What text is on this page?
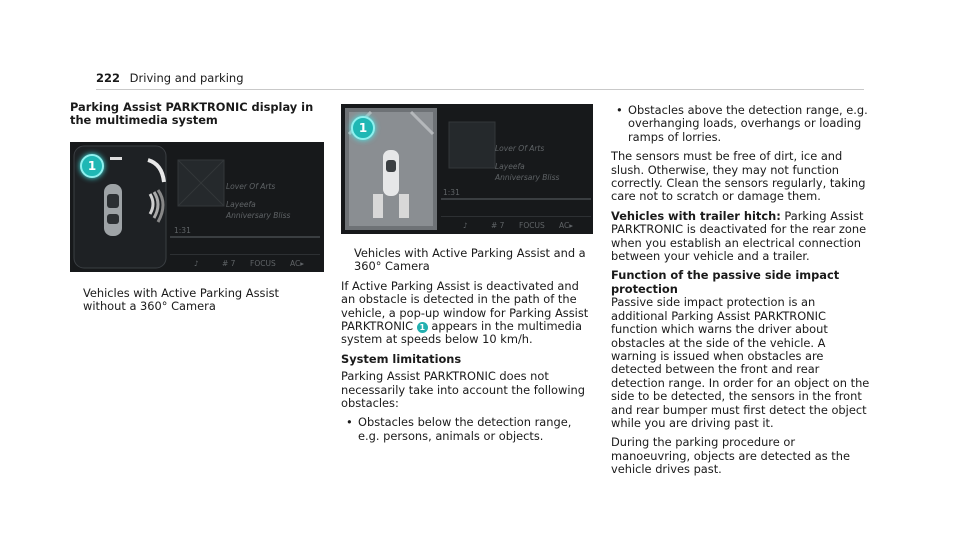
222 Driving and parking

Parking Assist PARKTRONIC display in the multimedia system

1
Lover Of Arts
Layeefa
Anniversary Bliss
1:31
♪	# 7 FOCUS AC▸

Vehicles with Active Parking Assist without a 360° Camera

1
Lover Of Arts
Layeefa
Anniversary Bliss
1:31
♪	# 7 FOCUS AC▸

Vehicles with Active Parking Assist and a 360° Camera

If Active Parking Assist is deactivated and an obstacle is detected in the path of the vehicle, a pop-up window for Parking Assist PARKTRONIC 1 appears in the multimedia system at speeds below 10 km/h.

System limitations

Parking Assist PARKTRONIC does not necessarily take into account the following obstacles:

• Obstacles below the detection range, e.g. persons, animals or objects.
• Obstacles above the detection range, e.g. overhanging loads, overhangs or loading ramps of lorries.

The sensors must be free of dirt, ice and slush. Otherwise, they may not function correctly. Clean the sensors regularly, taking care not to scratch or damage them.

Vehicles with trailer hitch: Parking Assist PARKTRONIC is deactivated for the rear zone when you establish an electrical connection between your vehicle and a trailer.

Function of the passive side impact protection

Passive side impact protection is an additional Parking Assist PARKTRONIC function which warns the driver about obstacles at the side of the vehicle. A warning is issued when obstacles are detected between the front and rear detection range. In order for an object on the side to be detected, the sensors in the front and rear bumper must first detect the object while you are driving past it.

During the parking procedure or manoeuvring, objects are detected as the vehicle drives past.
